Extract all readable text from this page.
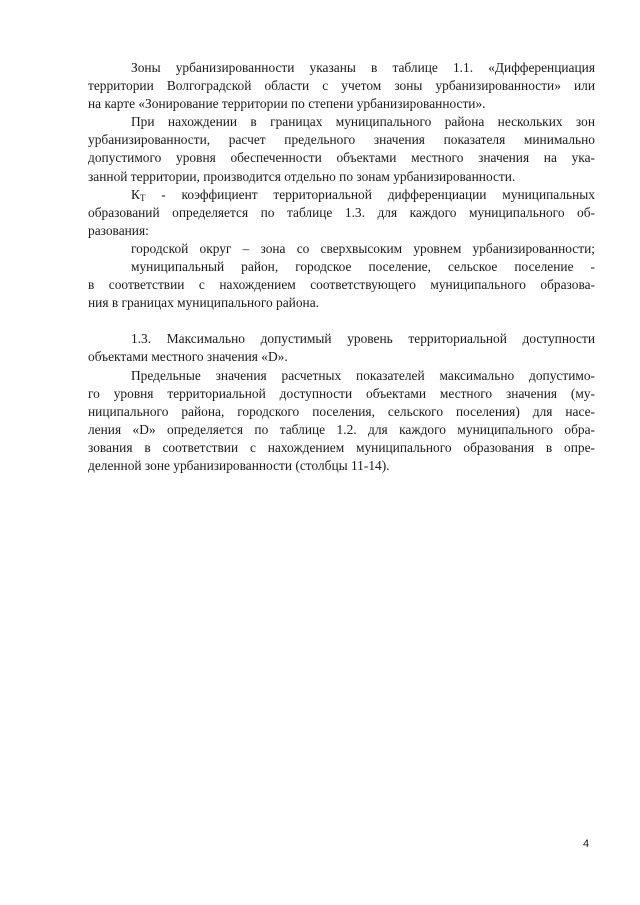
Зоны урбанизированности указаны в таблице 1.1. «Дифференциация
территории Волгоградской области с учетом зоны урбанизированности» или
на карте «Зонирование территории по степени урбанизированности».
При нахождении в границах муниципального района нескольких зон
урбанизированности, расчет предельного значения показателя минимально
допустимого уровня обеспеченности объектами местного значения на ука-
занной территории, производится отдельно по зонам урбанизированности.
КТ - коэффициент территориальной дифференциации муниципальных
образований определяется по таблице 1.3. для каждого муниципального об-
разования:
городской округ – зона со сверхвысоким уровнем урбанизированности;
муниципальный район, городское поселение, сельское поселение -
в соответствии с нахождением соответствующего муниципального образова-
ния в границах муниципального района.
1.3. Максимально допустимый уровень территориальной доступности
объектами местного значения «D».
Предельные значения расчетных показателей максимально допустимо-
го уровня территориальной доступности объектами местного значения (му-
ниципального района, городского поселения, сельского поселения) для насе-
ления «D» определяется по таблице 1.2. для каждого муниципального обра-
зования в соответствии с нахождением муниципального образования в опре-
деленной зоне урбанизированности (столбцы 11-14).
4
